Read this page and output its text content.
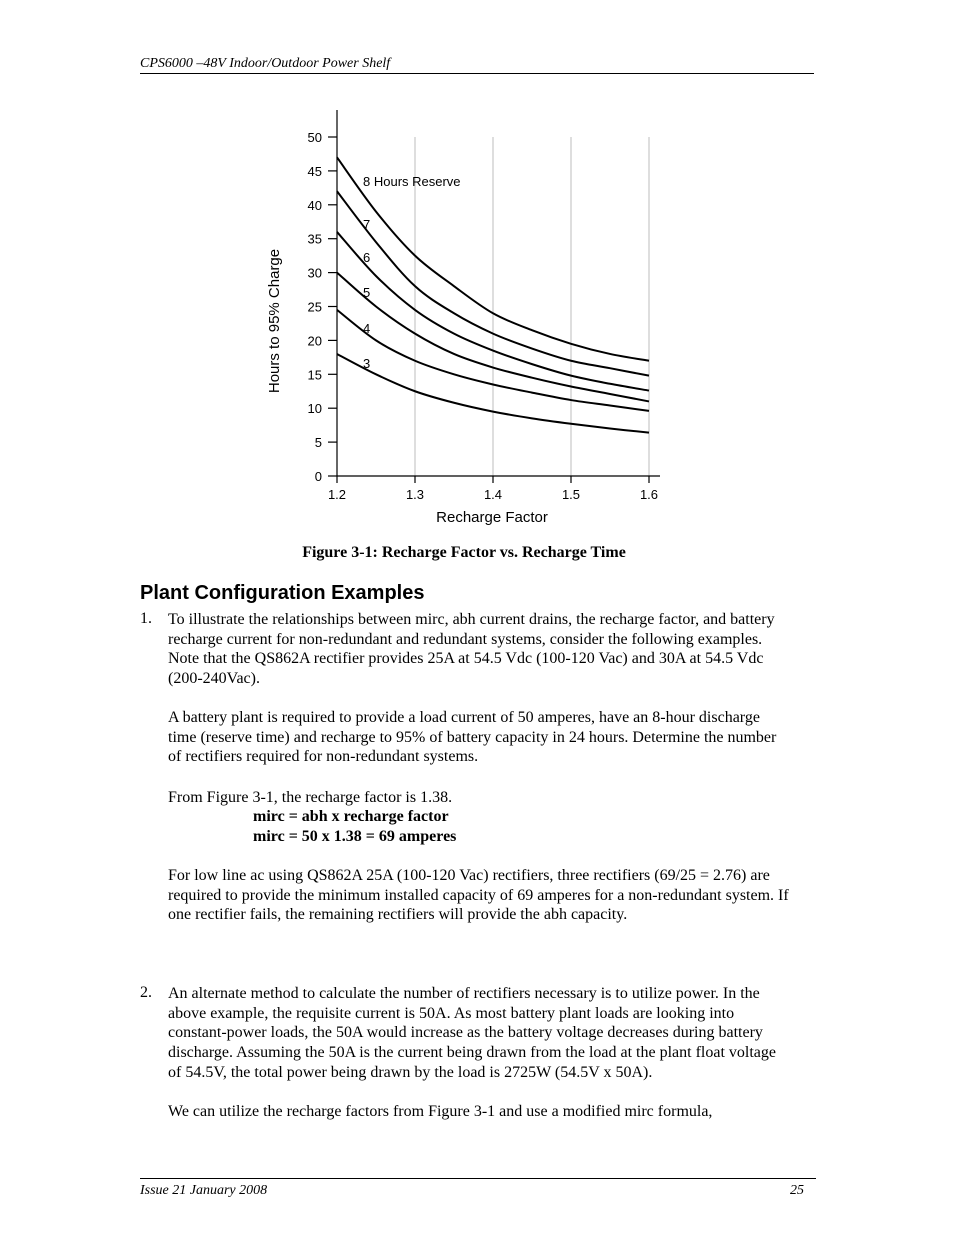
CPS6000 –48V Indoor/Outdoor Power Shelf
0
5
10
15
20
25
30
35
40
45
50
1.2	1.3	1.4	1.5	1.6
8 Hours Reserve
7
6
5
4
3
Recharge Factor
Hours to 95% Charge
Figure 3-1: Recharge Factor vs. Recharge Time
Plant Configuration Examples
1. To illustrate the relationships between mirc, abh current drains, the recharge factor, and battery recharge current for non-redundant and redundant systems, consider the following examples. Note that the QS862A rectifier provides 25A at 54.5 Vdc (100-120 Vac) and 30A at 54.5 Vdc (200-240Vac).

A battery plant is required to provide a load current of 50 amperes, have an 8-hour discharge time (reserve time) and recharge to 95% of battery capacity in 24 hours. Determine the number of rectifiers required for non-redundant systems.

From Figure 3-1, the recharge factor is 1.38.

mirc = abh x recharge factor
mirc = 50 x 1.38 = 69 amperes

For low line ac using QS862A 25A (100-120 Vac) rectifiers, three rectifiers (69/25 = 2.76) are required to provide the minimum installed capacity of 69 amperes for a non-redundant system. If one rectifier fails, the remaining rectifiers will provide the abh capacity.

2. An alternate method to calculate the number of rectifiers necessary is to utilize power. In the above example, the requisite current is 50A. As most battery plant loads are looking into constant-power loads, the 50A would increase as the battery voltage decreases during battery discharge. Assuming the 50A is the current being drawn from the load at the plant float voltage of 54.5V, the total power being drawn by the load is 2725W (54.5V x 50A).

We can utilize the recharge factors from Figure 3-1 and use a modified mirc formula,

Issue 21 January 2008	25
